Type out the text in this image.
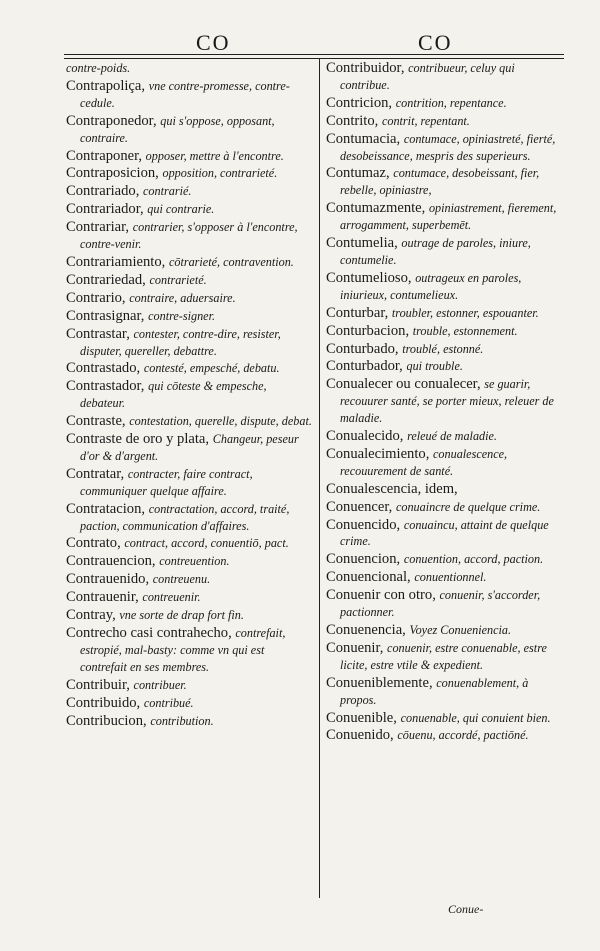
CO	CO
contre-poids.
Contrapoliça, vne contre-promesse, contre-cedule.
Contraponedor, qui s'oppose, opposant, contraire.
Contraponer, opposer, mettre à l'encontre.
Contraposicion, opposition, contrarieté.
Contrariado, contrarié.
Contrariador, qui contrarie.
Contrariar, contrarier, s'opposer à l'encontre, contre-venir.
Contrariamiento, cōtrarieté, contravention.
Contrariedad, contrarieté.
Contrario, contraire, aduersaire.
Contrasignar, contre-signer.
Contrastar, contester, contre-dire, resister, disputer, quereller, debattre.
Contrastado, contesté, empesché, debatu.
Contrastador, qui cōteste & empesche, debateur.
Contraste, contestation, querelle, dispute, debat.
Contraste de oro y plata, Changeur, peseur d'or & d'argent.
Contratar, contracter, faire contract, communiquer quelque affaire.
Contratacion, contractation, accord, traité, paction, communication d'affaires.
Contrato, contract, accord, conuentiō, pact.
Contrauencion, contreuention.
Contrauenido, contreuenu.
Contrauenir, contreuenir.
Contray, vne sorte de drap fort fin.
Contrecho casi contrahecho, contrefait, estropié, mal-basty: comme vn qui est contrefait en ses membres.
Contribuir, contribuer.
Contribuido, contribué.
Contribucion, contribution.
Contribuidor, contribueur, celuy qui contribue.
Contricion, contrition, repentance.
Contrito, contrit, repentant.
Contumacia, contumace, opiniastreté, fierté, desobeissance, mespris des superieurs.
Contumaz, contumace, desobeissant, fier, rebelle, opiniastre,
Contumazmente, opiniastrement, fierement, arrogamment, superbemēt.
Contumelia, outrage de paroles, iniure, contumelie.
Contumelioso, outrageux en paroles, iniurieux, contumelieux.
Conturbar, troubler, estonner, espouanter.
Conturbacion, trouble, estonnement.
Conturbado, troublé, estonné.
Conturbador, qui trouble.
Conualecer ou conualecer, se guarir, recouurer santé, se porter mieux, releuer de maladie.
Conualecido, releué de maladie.
Conualecimiento, conualescence, recouurement de santé.
Conualescencia, idem,
Conuencer, conuaincre de quelque crime.
Conuencido, conuaincu, attaint de quelque crime.
Conuencion, conuention, accord, paction.
Conuencional, conuentionnel.
Conuenir con otro, conuenir, s'accorder, pactionner.
Conuenencia, Voyez Conueniencia.
Conuenir, conuenir, estre conuenable, estre licite, estre vtile & expedient.
Conueniblemente, conuenablement, à propos.
Conuenible, conuenable, qui conuient bien.
Conuenido, cōuenu, accordé, pactiōné.
Conue-
